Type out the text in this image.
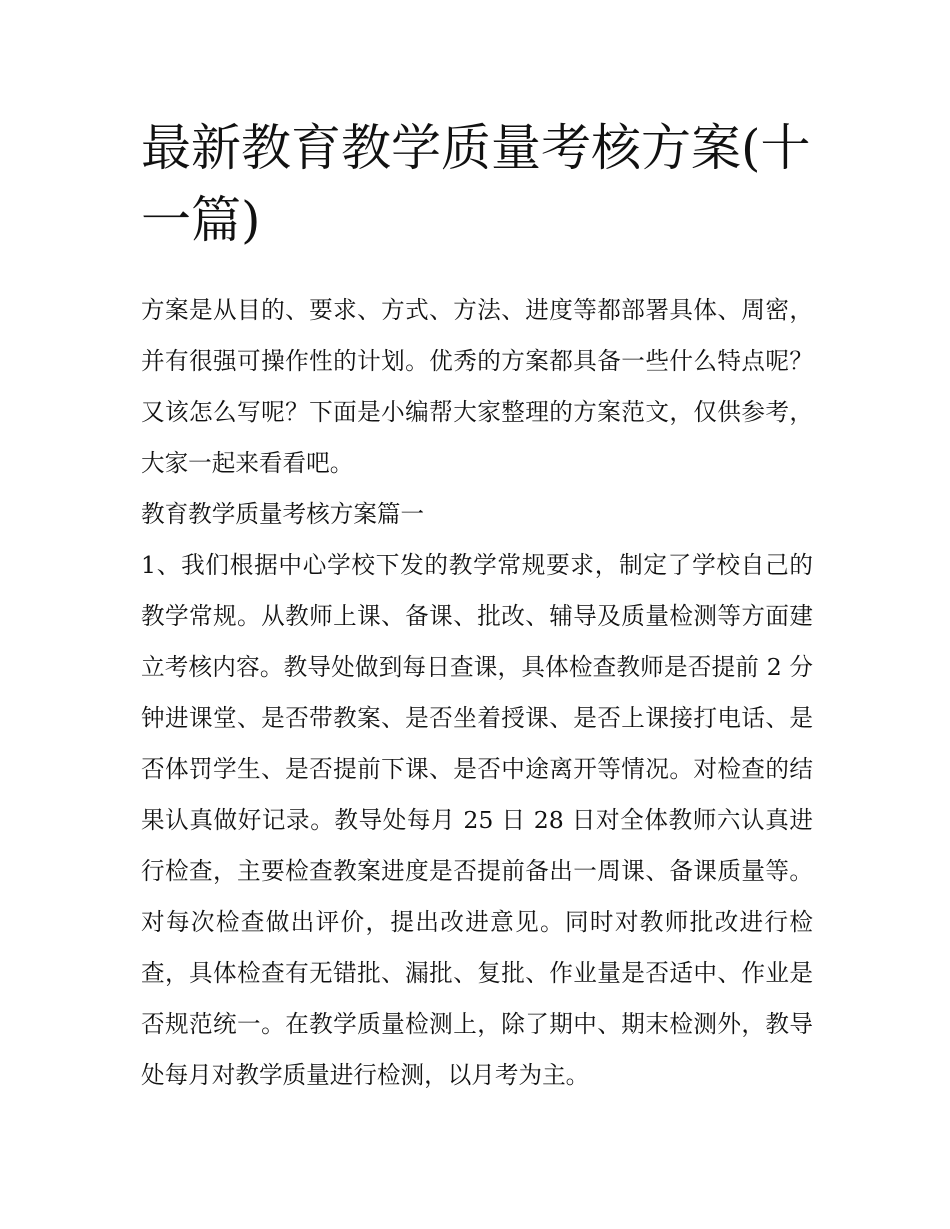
最新教育教学质量考核方案(十一篇)

方案是从目的、要求、方式、方法、进度等都部署具体、周密，并有很强可操作性的计划。优秀的方案都具备一些什么特点呢？又该怎么写呢？下面是小编帮大家整理的方案范文，仅供参考，大家一起来看看吧。

教育教学质量考核方案篇一

1、我们根据中心学校下发的教学常规要求，制定了学校自己的教学常规。从教师上课、备课、批改、辅导及质量检测等方面建立考核内容。教导处做到每日查课，具体检查教师是否提前 2 分钟进课堂、是否带教案、是否坐着授课、是否上课接打电话、是否体罚学生、是否提前下课、是否中途离开等情况。对检查的结果认真做好记录。教导处每月 25 日 28 日对全体教师六认真进行检查，主要检查教案进度是否提前备出一周课、备课质量等。对每次检查做出评价，提出改进意见。同时对教师批改进行检查，具体检查有无错批、漏批、复批、作业量是否适中、作业是否规范统一。在教学质量检测上，除了期中、期末检测外，教导处每月对教学质量进行检测，以月考为主。
